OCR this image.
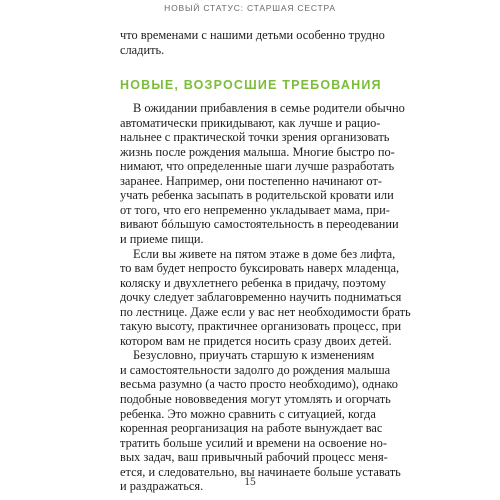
НОВЫЙ СТАТУС: СТАРШАЯ СЕСТРА
что временами с нашими детьми особенно трудно
сладить.
НОВЫЕ, ВОЗРОСШИЕ ТРЕБОВАНИЯ
В ожидании прибавления в семье родители обычно
автоматически прикидывают, как лучше и рацио-
нальнее с практической точки зрения организовать
жизнь после рождения малыша. Многие быстро по-
нимают, что определенные шаги лучше разработать
заранее. Например, они постепенно начинают от-
учать ребенка засыпать в родительской кровати или
от того, что его непременно укладывает мама, при-
вивают бóльшую самостоятельность в переодевании
и приеме пищи.
Если вы живете на пятом этаже в доме без лифта,
то вам будет непросто буксировать наверх младенца,
коляску и двухлетнего ребенка в придачу, поэтому
дочку следует заблаговременно научить подниматься
по лестнице. Даже если у вас нет необходимости брать
такую высоту, практичнее организовать процесс, при
котором вам не придется носить сразу двоих детей.
Безусловно, приучать старшую к изменениям
и самостоятельности задолго до рождения малыша
весьма разумно (а часто просто необходимо), однако
подобные нововведения могут утомлять и огорчать
ребенка. Это можно сравнить с ситуацией, когда
коренная реорганизация на работе вынуждает вас
тратить больше усилий и времени на освоение но-
вых задач, ваш привычный рабочий процесс меня-
15
ется, и следовательно, вы начинаете больше уставать
и раздражаться.
